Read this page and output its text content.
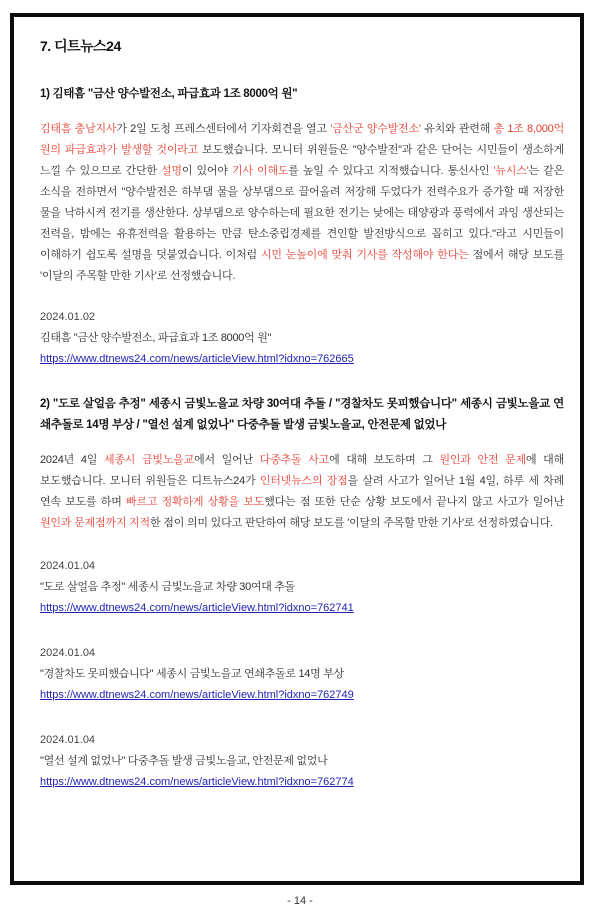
7. 디트뉴스24
1) 김태흠 "금산 양수발전소, 파급효과 1조 8000억 원"

김태흠 충남지사가 2일 도청 프레스센터에서 기자회견을 열고 '금산군 양수발전소' 유치와 관련해 총 1조 8,000억 원의 파급효과가 발생할 것이라고 보도했습니다. 모니터 위원들은 "양수발전"과 같은 단어는 시민들이 생소하게 느낄 수 있으므로 간단한 설명이 있어야 기사 이해도를 높일 수 있다고 지적했습니다. 통신사인 '뉴시스'는 같은 소식을 전하면서 "양수발전은 하부댐 물을 상부댐으로 끌어올려 저장해 두었다가 전력수요가 증가할 때 저장한 물을 낙하시켜 전기를 생산한다. 상부댐으로 양수하는데 필요한 전기는 낮에는 태양광과 풍력에서 과잉 생산되는 전력을, 밤에는 유휴전력을 활용하는 만큼 탄소중립경제를 견인할 발전방식으로 꼽히고 있다."라고 시민들이 이해하기 쉽도록 설명을 덧붙였습니다. 이처럼 시민 눈높이에 맞춰 기사를 작성해야 한다는 점에서 해당 보도를 '이달의 주목할 만한 기사'로 선정했습니다.

2024.01.02
김태흠 "금산 양수발전소, 파급효과 1조 8000억 원"
https://www.dtnews24.com/news/articleView.html?idxno=762665
2) "도로 살얼음 추정" 세종시 금빛노을교 차량 30여대 추돌 / "경찰차도 못피했습니다" 세종시 금빛노을교 연쇄추돌로 14명 부상 / "열선 설계 없었나" 다중추돌 발생 금빛노을교, 안전문제 없었나

2024년 4일 세종시 금빛노을교에서 일어난 다중추돌 사고에 대해 보도하며 그 원인과 안전 문제에 대해 보도했습니다. 모니터 위원들은 디트뉴스24가 인터넷뉴스의 장점을 살려 사고가 일어난 1월 4일, 하루 세 차례 연속 보도를 하며 빠르고 정확하게 상황을 보도했다는 점 또한 단순 상황 보도에서 끝나지 않고 사고가 일어난 원인과 문제점까지 지적한 점이 의미 있다고 판단하여 해당 보도를 '이달의 주목할 만한 기사'로 선정하였습니다.

2024.01.04
"도로 살얼음 추정" 세종시 금빛노을교 차량 30여대 추돌
https://www.dtnews24.com/news/articleView.html?idxno=762741
2024.01.04
"경찰차도 못피했습니다" 세종시 금빛노을교 연쇄추돌로 14명 부상
https://www.dtnews24.com/news/articleView.html?idxno=762749
2024.01.04
"열선 설계 없었나" 다중추돌 발생 금빛노을교, 안전문제 없었나
https://www.dtnews24.com/news/articleView.html?idxno=762774
- 14 -
